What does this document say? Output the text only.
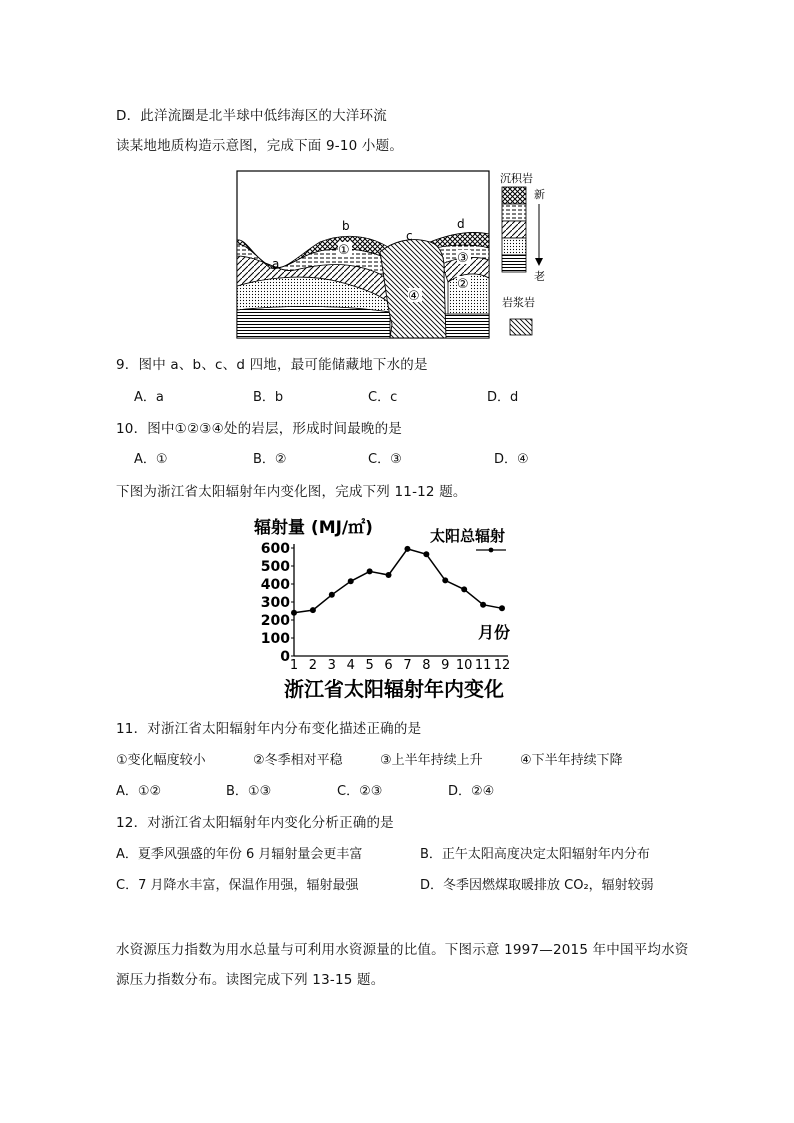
D．此洋流圈是北半球中低纬海区的大洋环流
读某地地质构造示意图，完成下面 9-10 小题。
a
b
c
d
①
②
③
④
沉积岩
新
老
岩浆岩
9．图中 a、b、c、d 四地，最可能储藏地下水的是
A．a	B．b	C．c	D．d
10．图中①②③④处的岩层，形成时间最晚的是
A．①	B．②	C．③	D．④
下图为浙江省太阳辐射年内变化图，完成下列 11-12 题。
辐射量 (MJ/㎡)	太阳总辐射
月份
浙江省太阳辐射年内变化
0
100
200
300
400
500
600
1 2 3 4 5 6 7 8 9 10 11 12
11．对浙江省太阳辐射年内分布变化描述正确的是
①变化幅度较小	②冬季相对平稳	③上半年持续上升	④下半年持续下降
A．①②	B．①③	C．②③	D．②④
12．对浙江省太阳辐射年内变化分析正确的是
A．夏季风强盛的年份 6 月辐射量会更丰富	B．正午太阳高度决定太阳辐射年内分布
C．7 月降水丰富，保温作用强，辐射最强	D．冬季因燃煤取暖排放 CO₂，辐射较弱
水资源压力指数为用水总量与可利用水资源量的比值。下图示意 1997—2015 年中国平均水资
源压力指数分布。读图完成下列 13-15 题。
